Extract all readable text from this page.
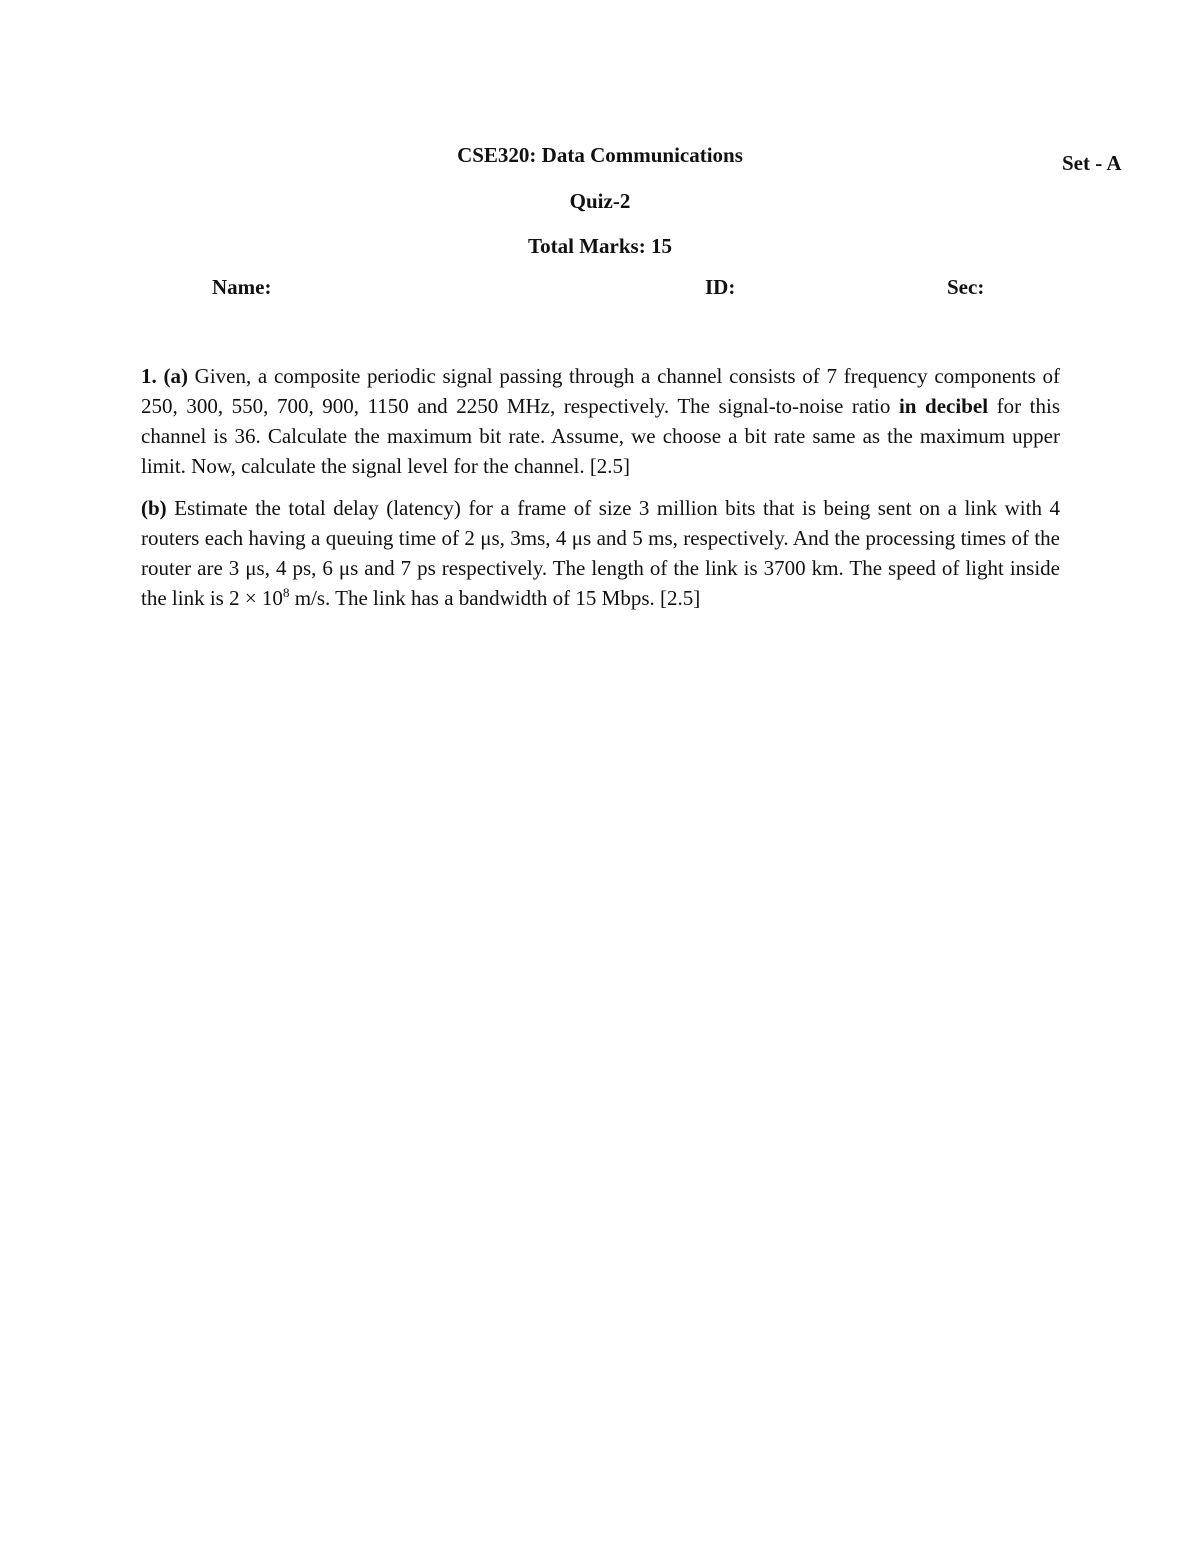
CSE320: Data Communications	Set - A
Quiz-2
Total Marks: 15
Name:	ID:	Sec:
1. (a) Given, a composite periodic signal passing through a channel consists of 7 frequency components of 250, 300, 550, 700, 900, 1150 and 2250 MHz, respectively. The signal-to-noise ratio in decibel for this channel is 36. Calculate the maximum bit rate. Assume, we choose a bit rate same as the maximum upper limit. Now, calculate the signal level for the channel. [2.5]
(b) Estimate the total delay (latency) for a frame of size 3 million bits that is being sent on a link with 4 routers each having a queuing time of 2 μs, 3ms, 4 μs and 5 ms, respectively. And the processing times of the router are 3 μs, 4 ps, 6 μs and 7 ps respectively. The length of the link is 3700 km. The speed of light inside the link is $2 \times 10^8$ m/s. The link has a bandwidth of 15 Mbps. [2.5]
